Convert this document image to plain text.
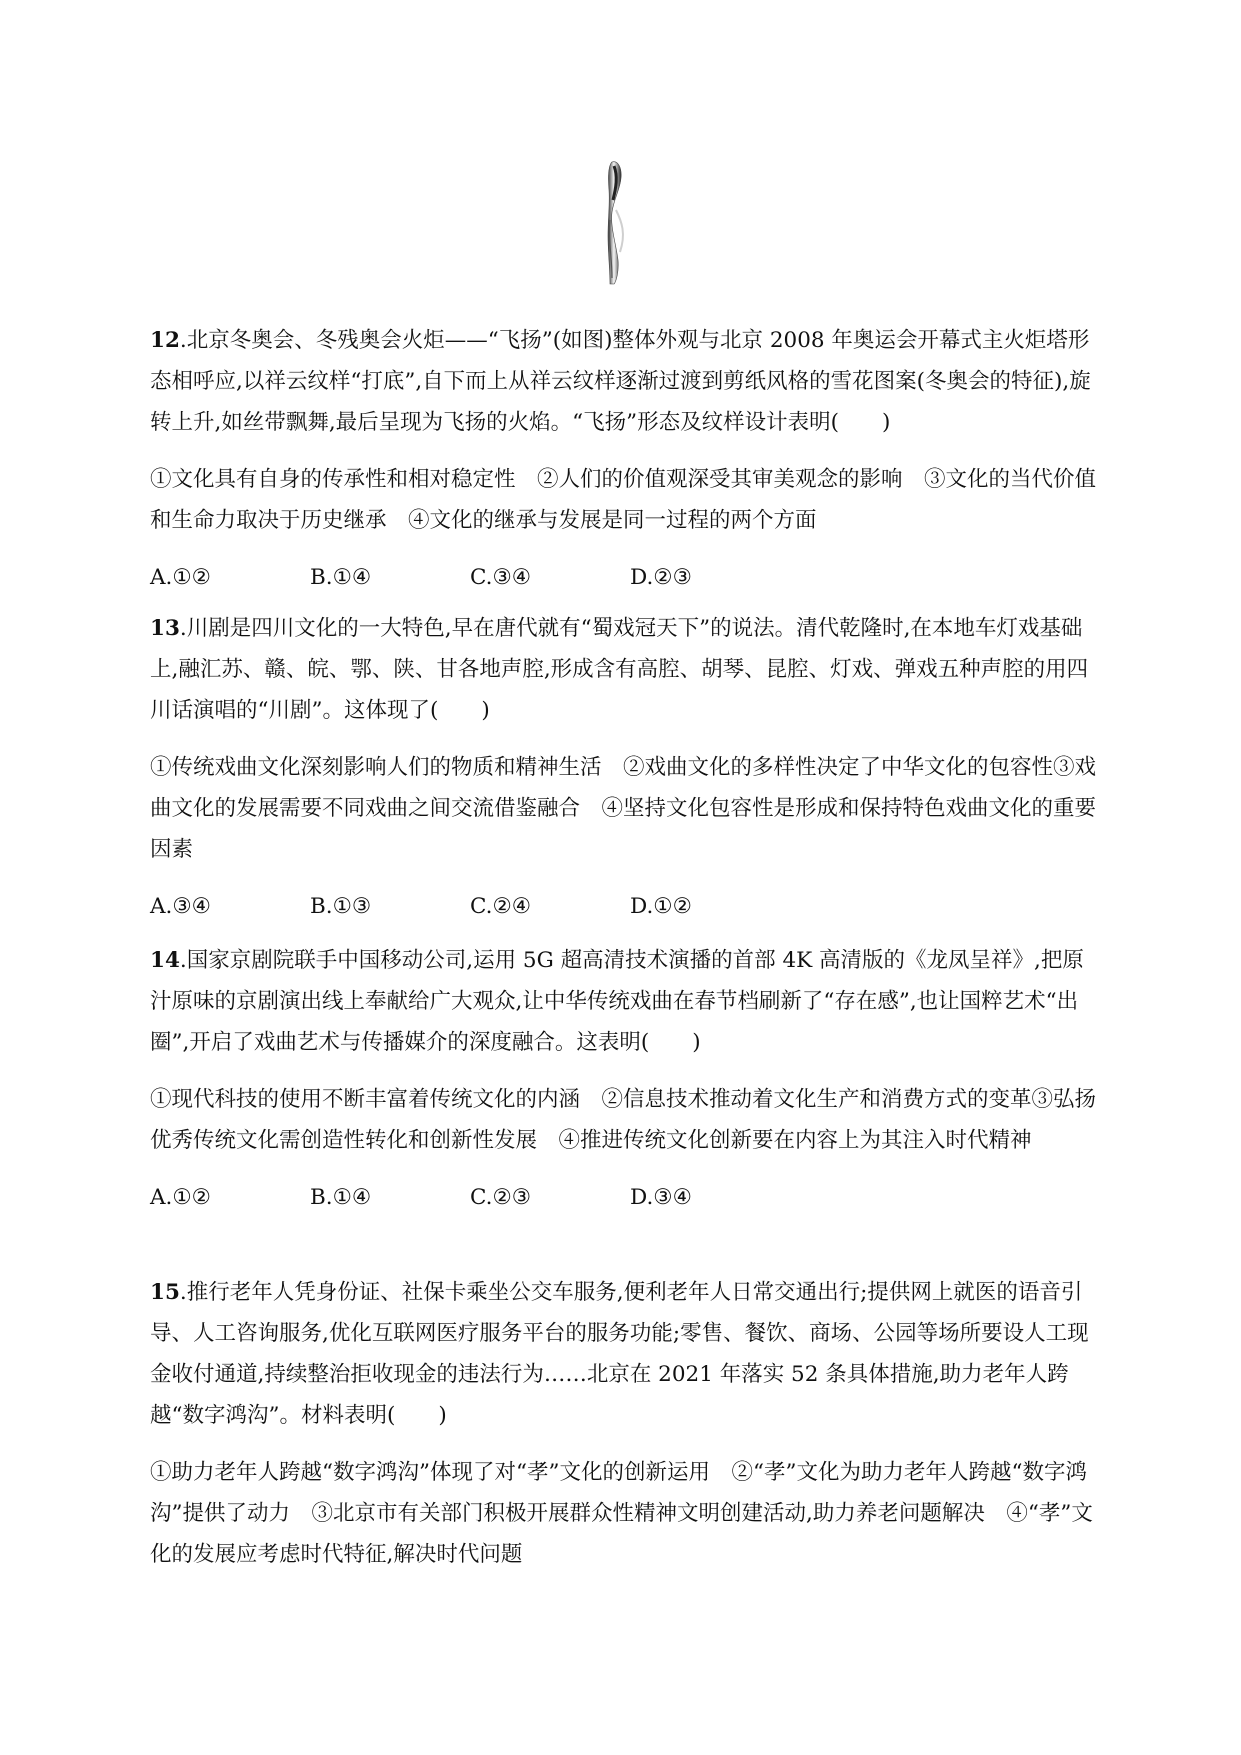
12.北京冬奥会、冬残奥会火炬——“飞扬”(如图)整体外观与北京 2008 年奥运会开幕式主火炬塔形态相呼应,以祥云纹样“打底”,自下而上从祥云纹样逐渐过渡到剪纸风格的雪花图案(冬奥会的特征),旋转上升,如丝带飘舞,最后呈现为飞扬的火焰。“飞扬”形态及纹样设计表明(　　)

①文化具有自身的传承性和相对稳定性　②人们的价值观深受其审美观念的影响　③文化的当代价值和生命力取决于历史继承　④文化的继承与发展是同一过程的两个方面

A.①②	B.①④	C.③④	D.②③

13.川剧是四川文化的一大特色,早在唐代就有“蜀戏冠天下”的说法。清代乾隆时,在本地车灯戏基础上,融汇苏、赣、皖、鄂、陕、甘各地声腔,形成含有高腔、胡琴、昆腔、灯戏、弹戏五种声腔的用四川话演唱的“川剧”。这体现了(　　)

①传统戏曲文化深刻影响人们的物质和精神生活　②戏曲文化的多样性决定了中华文化的包容性③戏曲文化的发展需要不同戏曲之间交流借鉴融合　④坚持文化包容性是形成和保持特色戏曲文化的重要因素

A.③④	B.①③	C.②④	D.①②

14.国家京剧院联手中国移动公司,运用 5G 超高清技术演播的首部 4K 高清版的《龙凤呈祥》,把原汁原味的京剧演出线上奉献给广大观众,让中华传统戏曲在春节档刷新了“存在感”,也让国粹艺术“出圈”,开启了戏曲艺术与传播媒介的深度融合。这表明(　　)

①现代科技的使用不断丰富着传统文化的内涵　②信息技术推动着文化生产和消费方式的变革③弘扬优秀传统文化需创造性转化和创新性发展　④推进传统文化创新要在内容上为其注入时代精神

A.①②	B.①④	C.②③	D.③④

15.推行老年人凭身份证、社保卡乘坐公交车服务,便利老年人日常交通出行;提供网上就医的语音引导、人工咨询服务,优化互联网医疗服务平台的服务功能;零售、餐饮、商场、公园等场所要设人工现金收付通道,持续整治拒收现金的违法行为……北京在 2021 年落实 52 条具体措施,助力老年人跨越“数字鸿沟”。材料表明(　　)

①助力老年人跨越“数字鸿沟”体现了对“孝”文化的创新运用　②“孝”文化为助力老年人跨越“数字鸿沟”提供了动力　③北京市有关部门积极开展群众性精神文明创建活动,助力养老问题解决　④“孝”文化的发展应考虑时代特征,解决时代问题
